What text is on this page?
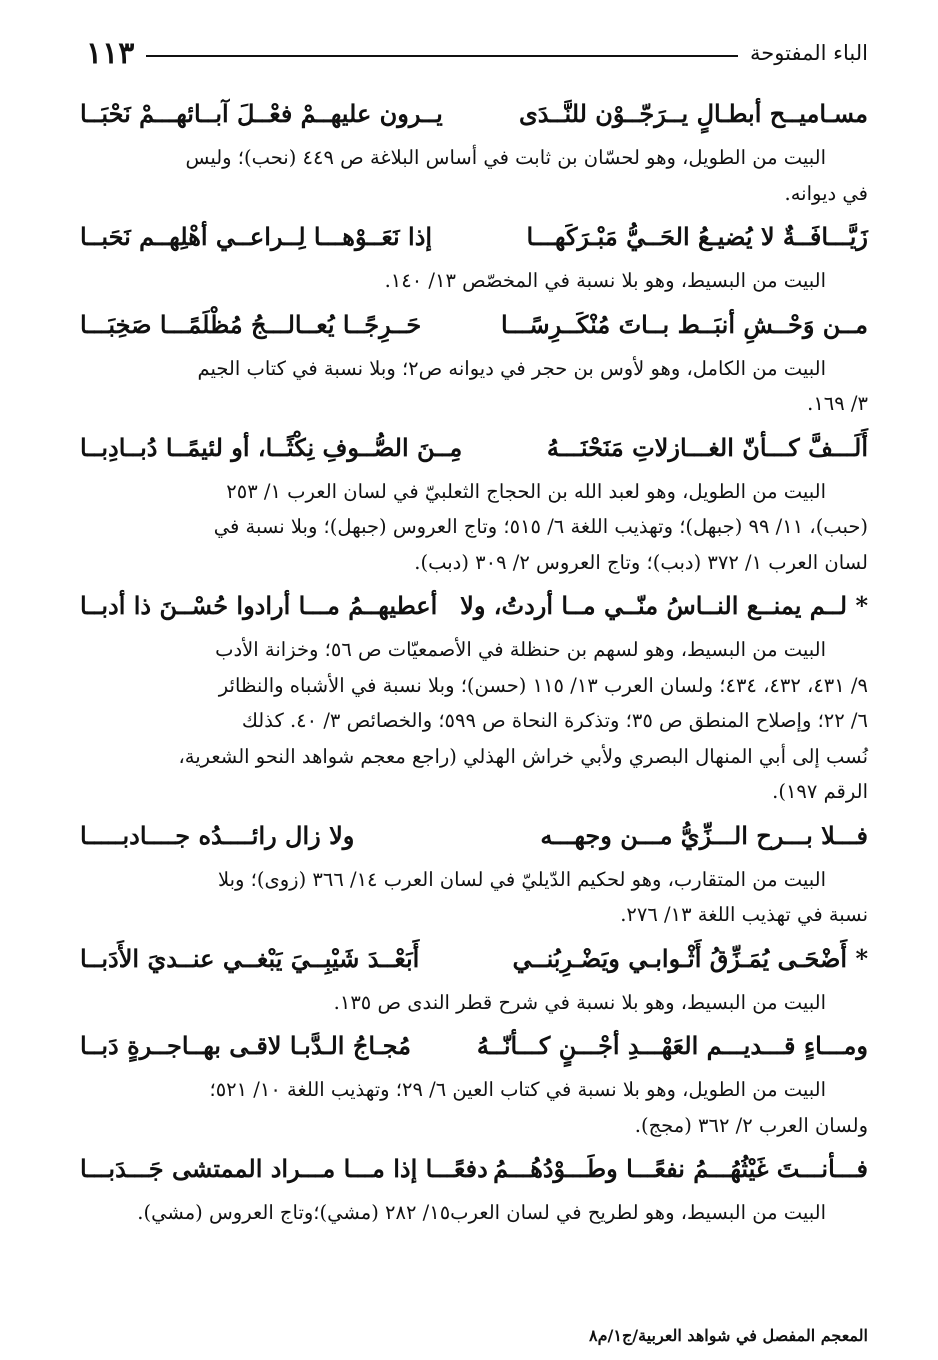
الباء المفتوحة
١١٣
مسـاميــح أبطـالٍ يــرَجّــوْن للنَّــدَى
يــرون عليهــمْ فعْــلَ آبــائهـــمْ نَحْبَــا
البيت من الطويل، وهو لحسّان بن ثابت في أساس البلاغة ص ٤٤٩ (نحب)؛ وليس
في ديوانه.
زَيَّـــافَــةٌ لا يُضيـعُ الحَــيُّ مَبْـرَكَهـــا
إذا نَعَــوْهـــا لِــراعــي أهْلِهــم نَحَبــا
البيت من البسيط، وهو بلا نسبة في المخصّص ١٣/ ١٤٠.
مــن وَحْــشِ أنبَــط بــاتَ مُنْكَــرِسًـــا
حَــرِجًــا يُعــالـــجُ مُظْلَمًـــا صَخِبَـــا
البيت من الكامل، وهو لأوس بن حجر في ديوانه ص٢؛ وبلا نسبة في كتاب الجيم
٣/ ١٦٩.
أَلَـــفَّ كـــأنّ الغـــازلاتِ مَنَحْنَـــهُ
مِــنَ الصُّــوفِ نِكْثًــا، أو لئيمًــا دُبــادِبــا
البيت من الطويل، وهو لعبد الله بن الحجاج الثعلبيّ في لسان العرب ١/ ٢٥٣
(حبب)، ١١/ ٩٩ (جبهل)؛ وتهذيب اللغة ٦/ ٥١٥؛ وتاج العروس (جبهل)؛ وبلا نسبة في
لسان العرب ١/ ٣٧٢ (دبب)؛ وتاج العروس ٢/ ٣٠٩ (دبب).
* لــم يمنــع النــاسُ منّــي مــا أردتُ، ولا
أعطيهــمُ مـــا أرادوا حُسْــنَ ذا أدبــا
البيت من البسيط، وهو لسهم بن حنظلة في الأصمعيّات ص ٥٦؛ وخزانة الأدب
٩/ ٤٣١، ٤٣٢، ٤٣٤؛ ولسان العرب ١٣/ ١١٥ (حسن)؛ وبلا نسبة في الأشباه والنظائر
٦/ ٢٢؛ وإصلاح المنطق ص ٣٥؛ وتذكرة النحاة ص ٥٩٩؛ والخصائص ٣/ ٤٠. كذلك
نُسب إلى أبي المنهال البصري ولأبي خراش الهذلي (راجع معجم شواهد النحو الشعرية،
الرقم ١٩٧).
فـــلا بـــرح الـــزِّيُّ مـــن وجهـــه
ولا زال رائــــدُه جــــادبـــــا
البيت من المتقارب، وهو لحكيم الدّيليّ في لسان العرب ١٤/ ٣٦٦ (زوى)؛ وبلا
نسبة في تهذيب اللغة ١٣/ ٢٧٦.
* أَضْحَـى يُمَـزِّقُ أَثْـوابـي ويَضْـرِبُنــي
أَبَعْــدَ شَيْبِــيَ يَبْغــي عنــديَ الأَدَبــا
البيت من البسيط، وهو بلا نسبة في شرح قطر الندى ص ١٣٥.
ومـــاءٍ قـــديـــم العَهْـــدِ أجْـــنٍ كـــأنّــهُ
مُجـاجُ الـدَّبـا لاقـى بهــاجــرةٍ دَبــا
البيت من الطويل، وهو بلا نسبة في كتاب العين ٦/ ٢٩؛ وتهذيب اللغة ١٠/ ٥٢١؛
ولسان العرب ٢/ ٣٦٢ (مجج).
فـــأنـــتَ غَيْثُهُـــمُ نفعًـــا وطَـــوْدُهُـــمُ
دفعًـــا إذا مـــا مـــراد الممتشى جَـــدَبـــا
البيت من البسيط، وهو لطريح في لسان العرب١٥/ ٢٨٢ (مشي)؛وتاج العروس (مشي).
المعجم المفصل في شواهد العربية/ج١/م٨
